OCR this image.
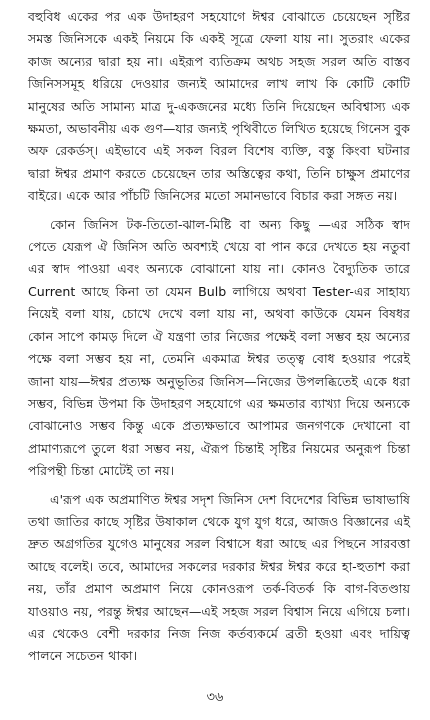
বহুবিধ একের পর এক উদাহরণ সহযোগে ঈশ্বর বোঝাতে চেয়েছেন সৃষ্টির সমস্ত জিনিসকে একই নিয়মে কি একই সূত্রে ফেলা যায় না। সুতরাং একের কাজ অন্যের দ্বারা হয় না। এইরূপ ব্যতিক্রম অথচ সহজ সরল অতি বাস্তব জিনিসসমূহ ধরিয়ে দেওয়ার জন্যই আমাদের লাখ লাখ কি কোটি কোটি মানুষের অতি সামান্য মাত্র দু-একজনের মধ্যে তিনি দিয়েছেন অবিশ্বাস্য এক ক্ষমতা, অভাবনীয় এক গুণ—যার জন্যই পৃথিবীতে লিখিত হয়েছে গিনেস বুক অফ রেকর্ডস্। এইভাবে এই সকল বিরল বিশেষ ব্যক্তি, বস্তু কিংবা ঘটনার দ্বারা ঈশ্বর প্রমাণ করতে চেয়েছেন তার অস্তিত্বের কথা, তিনি চাক্ষুস প্রমাণের বাইরে। একে আর পাঁচটি জিনিসের মতো সমানভাবে বিচার করা সঙ্গত নয়।

কোন জিনিস টক-তিতো-ঝাল-মিষ্টি বা অন্য কিছু —এর সঠিক স্বাদ পেতে যেরূপ ঐ জিনিস অতি অবশ্যই খেয়ে বা পান করে দেখতে হয় নতুবা এর স্বাদ পাওয়া এবং অন্যকে বোঝানো যায় না। কোনও বৈদ্যুতিক তারে Current আছে কিনা তা যেমন Bulb লাগিয়ে অথবা Tester-এর সাহায্য নিয়েই বলা যায়, চোখে দেখে বলা যায় না, অথবা কাউকে যেমন বিষধর কোন সাপে কামড় দিলে ঐ যন্ত্রণা তার নিজের পক্ষেই বলা সম্ভব হয় অন্যের পক্ষে বলা সম্ভব হয় না, তেমনি একমাত্র ঈশ্বর তত্ত্ব বোধ হওয়ার পরেই জানা যায়—ঈশ্বর প্রত্যক্ষ অনুভূতির জিনিস—নিজের উপলব্ধিতেই একে ধরা সম্ভব, বিভিন্ন উপমা কি উদাহরণ সহযোগে এর ক্ষমতার ব্যাখ্যা দিয়ে অন্যকে বোঝানোও সম্ভব কিন্তু একে প্রত্যক্ষভাবে আপামর জনগণকে দেখানো বা প্রামাণ্যরূপে তুলে ধরা সম্ভব নয়, ঐরূপ চিন্তাই সৃষ্টির নিয়মের অনুরূপ চিন্তা পরিপন্থী চিন্তা মোটেই তা নয়।

এ'রূপ এক অপ্রমাণিত ঈশ্বর সদৃশ জিনিস দেশ বিদেশের বিভিন্ন ভাষাভাষি তথা জাতির কাছে সৃষ্টির উষাকাল থেকে যুগ যুগ ধরে, আজও বিজ্ঞানের এই দ্রুত অগ্রগতির যুগেও মানুষের সরল বিশ্বাসে ধরা আছে এর পিছনে সারবত্তা আছে বলেই। তবে, আমাদের সকলের দরকার ঈশ্বর ঈশ্বর করে হা-হুতাশ করা নয়, তাঁর প্রমাণ অপ্রমাণ নিয়ে কোনওরূপ তর্ক-বিতর্ক কি বাগ-বিতণ্ডায় যাওয়াও নয়, পরন্তু ঈশ্বর আছেন—এই সহজ সরল বিশ্বাস নিয়ে এগিয়ে চলা। এর থেকেও বেশী দরকার নিজ নিজ কর্তব্যকর্মে ব্রতী হওয়া এবং দায়িত্ব পালনে সচেতন থাকা।

৩৬
